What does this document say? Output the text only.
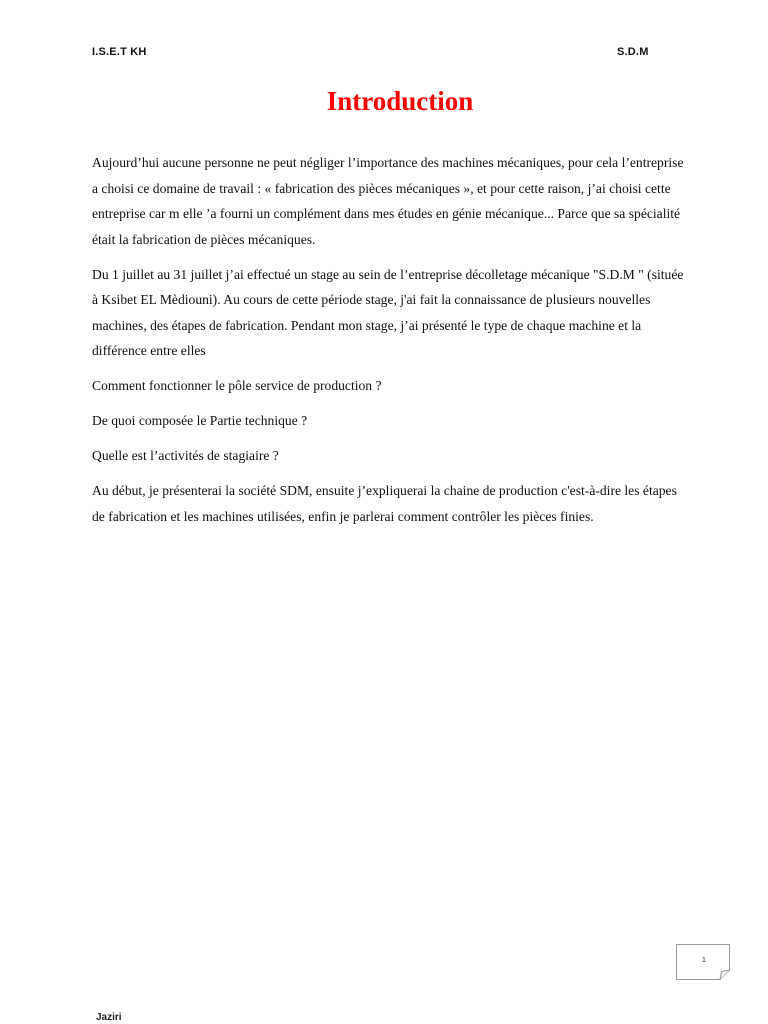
I.S.E.T KH	S.D.M
Introduction

Aujourd’hui aucune personne ne peut négliger l’importance des machines mécaniques, pour cela l’entreprise a choisi ce domaine de travail : « fabrication des pièces mécaniques », et pour cette raison, j’ai choisi cette entreprise car m elle ’a fourni un complément dans mes études en génie mécanique... Parce que sa spécialité était la fabrication de pièces mécaniques.

Du 1 juillet au 31 juillet j’ai effectué un stage au sein de l’entreprise décolletage mécanique "S.D.M " (située à Ksibet EL Mèdiouni). Au cours de cette période stage, j'ai fait la connaissance de plusieurs nouvelles machines, des étapes de fabrication. Pendant mon stage, j’ai présenté le type de chaque machine et la différence entre elles

Comment fonctionner le pôle service de production ?

De quoi composée le Partie technique ?

Quelle est l’activités de stagiaire ?

Au début, je présenterai la société SDM, ensuite j’expliquerai la chaine de production c'est-à-dire les étapes de fabrication et les machines utilisées, enfin je parlerai comment contrôler les pièces finies.

1
Jaziri
